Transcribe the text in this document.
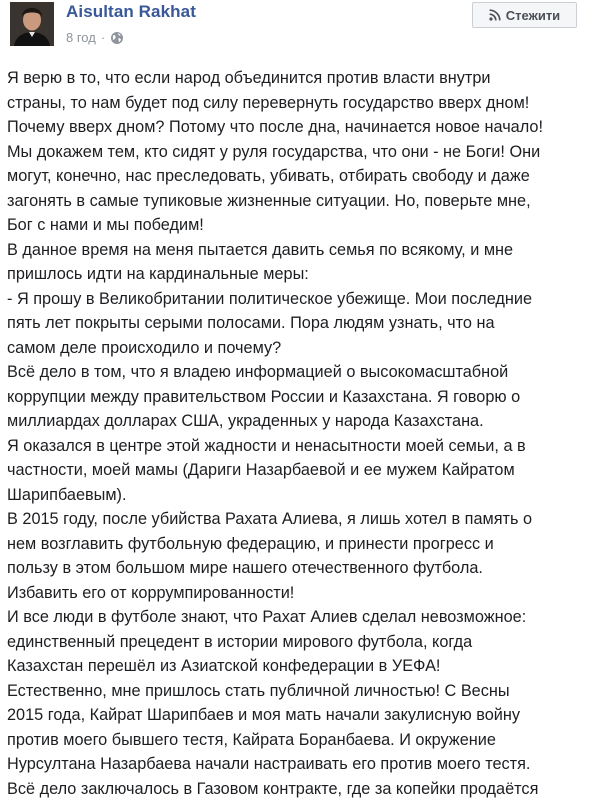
Aisultan Rakhat
8 год ·
Стежити

Я верю в то, что если народ объединится против власти внутри
страны, то нам будет под силу перевернуть государство вверх дном!
Почему вверх дном? Потому что после дна, начинается новое начало!
Мы докажем тем, кто сидят у руля государства, что они - не Боги! Они
могут, конечно, нас преследовать, убивать, отбирать свободу и даже
загонять в самые тупиковые жизненные ситуации. Но, поверьте мне,
Бог с нами и мы победим!

В данное время на меня пытается давить семья по всякому, и мне
пришлось идти на кардинальные меры:

- Я прошу в Великобритании политическое убежище. Мои последние
пять лет покрыты серыми полосами. Пора людям узнать, что на
самом деле происходило и почему?

Всё дело в том, что я владею информацией о высокомасштабной
коррупции между правительством России и Казахстана. Я говорю о
миллиардах долларах США, украденных у народа Казахстана.

Я оказался в центре этой жадности и ненасытности моей семьи, а в
частности, моей мамы (Дариги Назарбаевой и ее мужем Кайратом
Шарипбаевым).

В 2015 году, после убийства Рахата Алиева, я лишь хотел в память о
нем возглавить футбольную федерацию, и принести прогресс и
пользу в этом большом мире нашего отечественного футбола.
Избавить его от коррумпированности!

И все люди в футболе знают, что Рахат Алиев сделал невозможное:
единственный прецедент в истории мирового футбола, когда
Казахстан перешёл из Азиатской конфедерации в УЕФА!

Естественно, мне пришлось стать публичной личностью! С Весны
2015 года, Кайрат Шарипбаев и моя мать начали закулисную войну
против моего бывшего тестя, Кайрата Боранбаева. И окружение
Нурсултана Назарбаева начали настраивать его против моего тестя.

Всё дело заключалось в Газовом контракте, где за копейки продаётся
